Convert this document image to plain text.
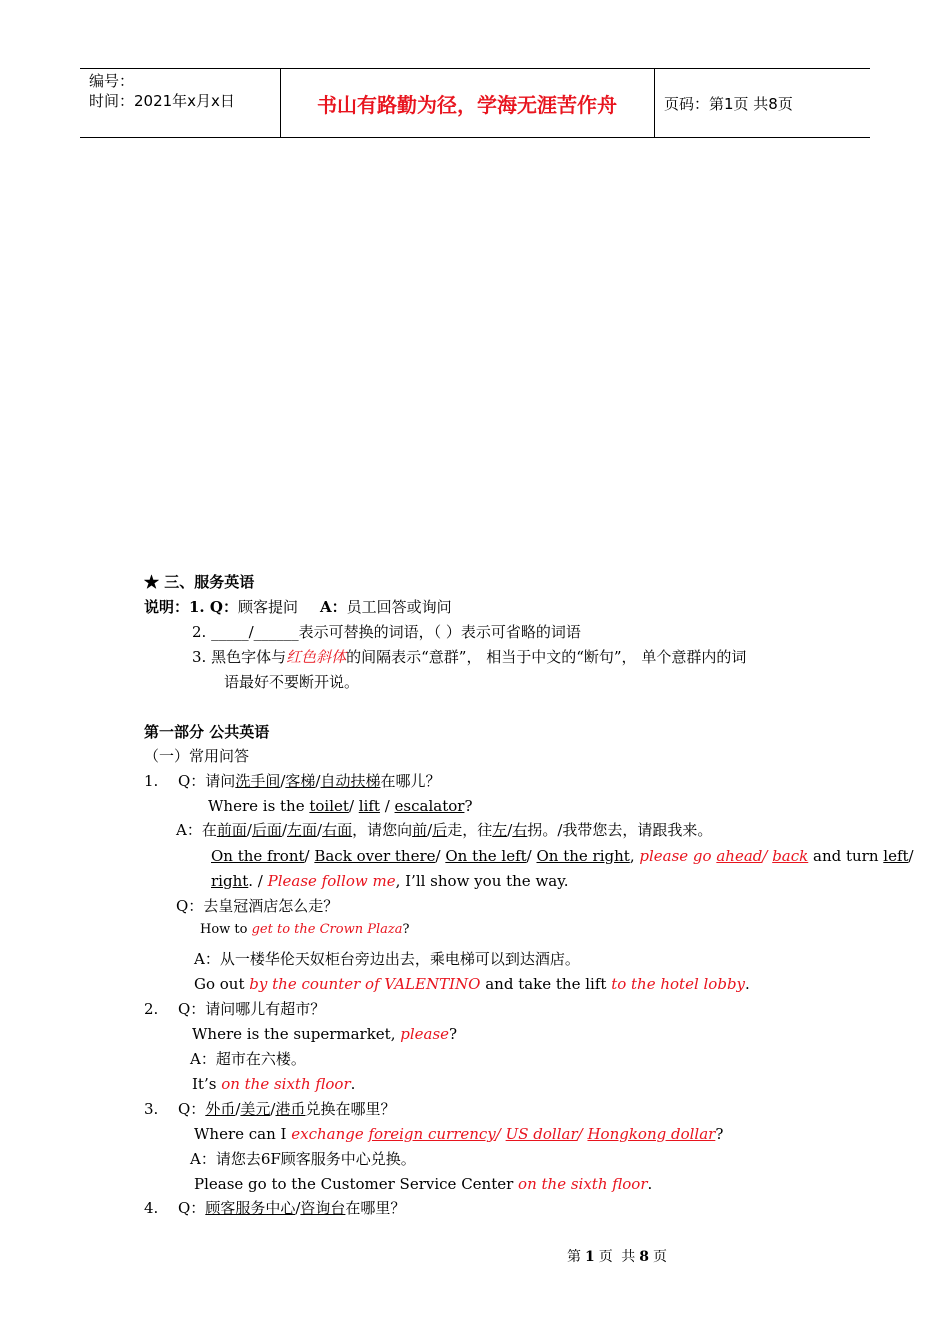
编号：
时间：2021年x月x日	书山有路勤为径，学海无涯苦作舟	页码：第1页 共8页
★ 三、服务英语
说明：1. Q：顾客提问 A：员工回答或询问
2. _____/______表示可替换的词语，（ ）表示可省略的词语
3. 黑色字体与红色斜体的间隔表示“意群”， 相当于中文的“断句”， 单个意群内的词
语最好不要断开说。
第一部分 公共英语
（一）常用问答
1. Q：请问洗手间/客梯/自动扶梯在哪儿？
Where is the toilet/ lift / escalator?
A：在前面/后面/左面/右面，请您向前/后走，往左/右拐。/我带您去，请跟我来。
On the front/ Back over there/ On the left/ On the right, please go ahead/ back and turn left/
right. / Please follow me, I’ll show you the way.
Q：去皇冠酒店怎么走？
How to get to the Crown Plaza?
A：从一楼华伦天奴柜台旁边出去，乘电梯可以到达酒店。
Go out by the counter of VALENTINO and take the lift to the hotel lobby.
2. Q：请问哪儿有超市？
Where is the supermarket, please?
A：超市在六楼。
It’s on the sixth floor.
3. Q：外币/美元/港币兑换在哪里？
Where can I exchange foreign currency/ US dollar/ Hongkong dollar?
A：请您去6F顾客服务中心兑换。
Please go to the Customer Service Center on the sixth floor.
4. Q：顾客服务中心/咨询台在哪里？
第 1 页 共 8 页
